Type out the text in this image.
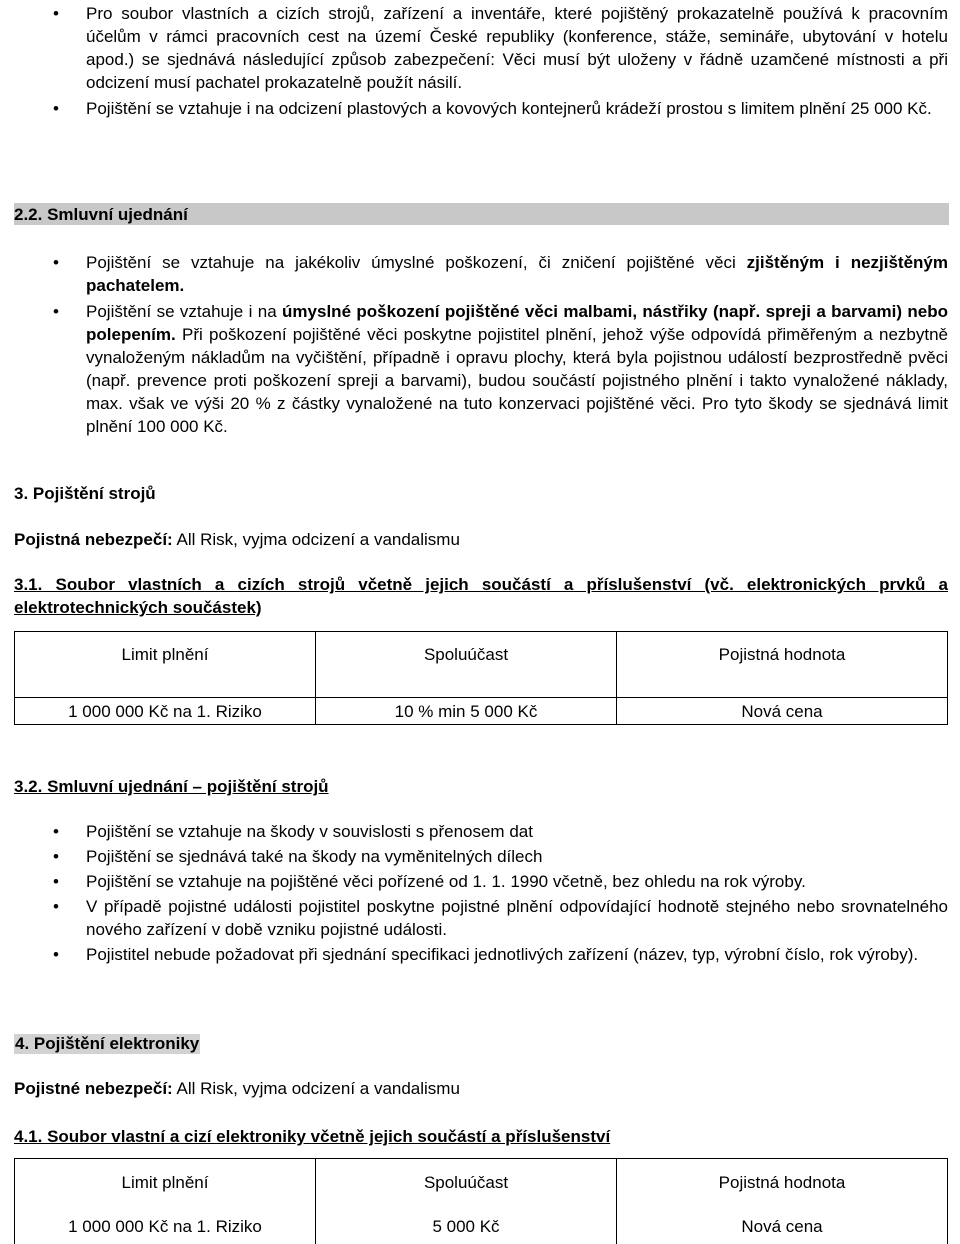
•
Pro soubor vlastních a cizích strojů, zařízení a inventáře, které pojištěný prokazatelně používá k pracovním účelům v rámci pracovních cest na území České republiky (konference, stáže, semináře, ubytování v hotelu apod.) se sjednává následující způsob zabezpečení: Věci musí být uloženy v řádně uzamčené místnosti a při odcizení musí pachatel prokazatelně použít násilí.
•
Pojištění se vztahuje i na odcizení plastových a kovových kontejnerů krádeží prostou s limitem plnění 25 000 Kč.
2.2. Smluvní ujednání
•
Pojištění se vztahuje na jakékoliv úmyslné poškození, či zničení pojištěné věci zjištěným i nezjištěným pachatelem.
•
Pojištění se vztahuje i na úmyslné poškození pojištěné věci malbami, nástřiky (např. spreji a barvami) nebo polepením. Při poškození pojištěné věci poskytne pojistitel plnění, jehož výše odpovídá přiměřeným a nezbytně vynaloženým nákladům na vyčištění, případně i opravu plochy, která byla pojistnou událostí bezprostředně pvěci (např. prevence proti poškození spreji a barvami), budou součástí pojistného plnění i takto vynaložené náklady, max. však ve výši 20 % z částky vynaložené na tuto konzervaci pojištěné věci. Pro tyto škody se sjednává limit plnění 100 000 Kč.
3. Pojištění strojů
Pojistná nebezpečí: All Risk, vyjma odcizení a vandalismu
3.1. Soubor vlastních a cizích strojů včetně jejich součástí a příslušenství (vč. elektronických prvků a elektrotechnických součástek)
Limit plnění	Spoluúčast	Pojistná hodnota
1 000 000 Kč na 1. Riziko	10 % min 5 000 Kč	Nová cena
3.2. Smluvní ujednání – pojištění strojů
•
Pojištění se vztahuje na škody v souvislosti s přenosem dat
•
Pojištění se sjednává také na škody na vyměnitelných dílech
•
Pojištění se vztahuje na pojištěné věci pořízené od 1. 1. 1990 včetně, bez ohledu na rok výroby.
•
V případě pojistné události pojistitel poskytne pojistné plnění odpovídající hodnotě stejného nebo srovnatelného nového zařízení v době vzniku pojistné události.
•
Pojistitel nebude požadovat při sjednání specifikaci jednotlivých zařízení (název, typ, výrobní číslo, rok výroby).
4. Pojištění elektroniky
Pojistné nebezpečí: All Risk, vyjma odcizení a vandalismu
4.1. Soubor vlastní a cizí elektroniky včetně jejich součástí a příslušenství
Limit plnění	Spoluúčast	Pojistná hodnota
1 000 000 Kč na 1. Riziko	5 000 Kč	Nová cena
